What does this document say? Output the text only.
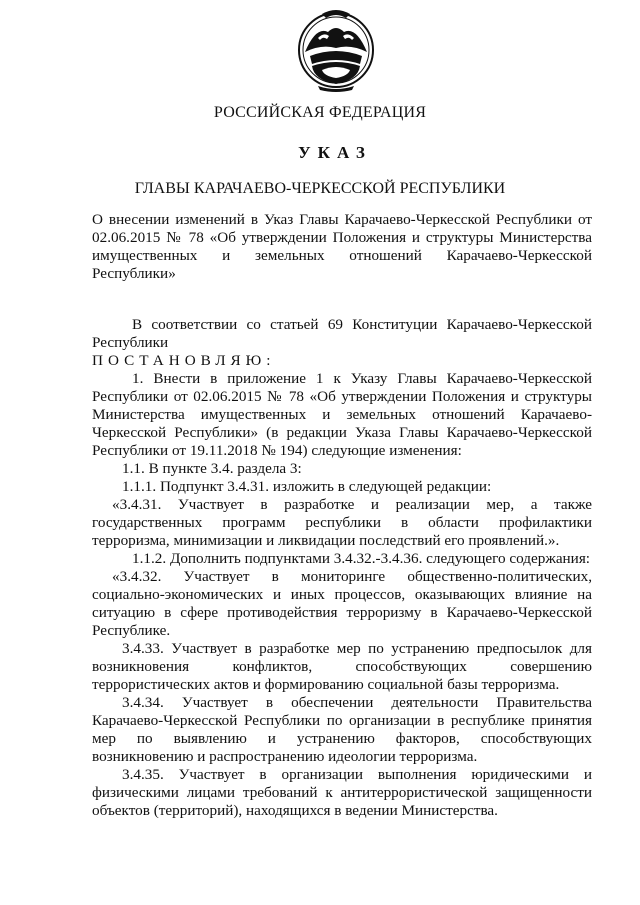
РОССИЙСКАЯ ФЕДЕРАЦИЯ
УКАЗ
ГЛАВЫ КАРАЧАЕВО-ЧЕРКЕССКОЙ РЕСПУБЛИКИ
О внесении изменений в Указ Главы Карачаево-Черкесской Республики от 02.06.2015 № 78 «Об утверждении Положения и структуры Министерства имущественных и земельных отношений Карачаево-Черкесской Республики»

В соответствии со статьей 69 Конституции Карачаево-Черкесской Республики

ПОСТАНОВЛЯЮ:

1. Внести в приложение 1 к Указу Главы Карачаево-Черкесской Республики от 02.06.2015 № 78 «Об утверждении Положения и структуры Министерства имущественных и земельных отношений Карачаево-Черкесской Республики» (в редакции Указа Главы Карачаево-Черкесской Республики от 19.11.2018 № 194) следующие изменения:

1.1. В пункте 3.4. раздела 3:

1.1.1. Подпункт 3.4.31. изложить в следующей редакции:

«3.4.31. Участвует в разработке и реализации мер, а также государственных программ республики в области профилактики терроризма, минимизации и ликвидации последствий его проявлений.».

1.1.2. Дополнить подпунктами 3.4.32.-3.4.36. следующего содержания:

«3.4.32. Участвует в мониторинге общественно-политических, социально-экономических и иных процессов, оказывающих влияние на ситуацию в сфере противодействия терроризму в Карачаево-Черкесской Республике.

3.4.33. Участвует в разработке мер по устранению предпосылок для возникновения конфликтов, способствующих совершению террористических актов и формированию социальной базы терроризма.

3.4.34. Участвует в обеспечении деятельности Правительства Карачаево-Черкесской Республики по организации в республике принятия мер по выявлению и устранению факторов, способствующих возникновению и распространению идеологии терроризма.

3.4.35. Участвует в организации выполнения юридическими и физическими лицами требований к антитеррористической защищенности объектов (территорий), находящихся в ведении Министерства.
